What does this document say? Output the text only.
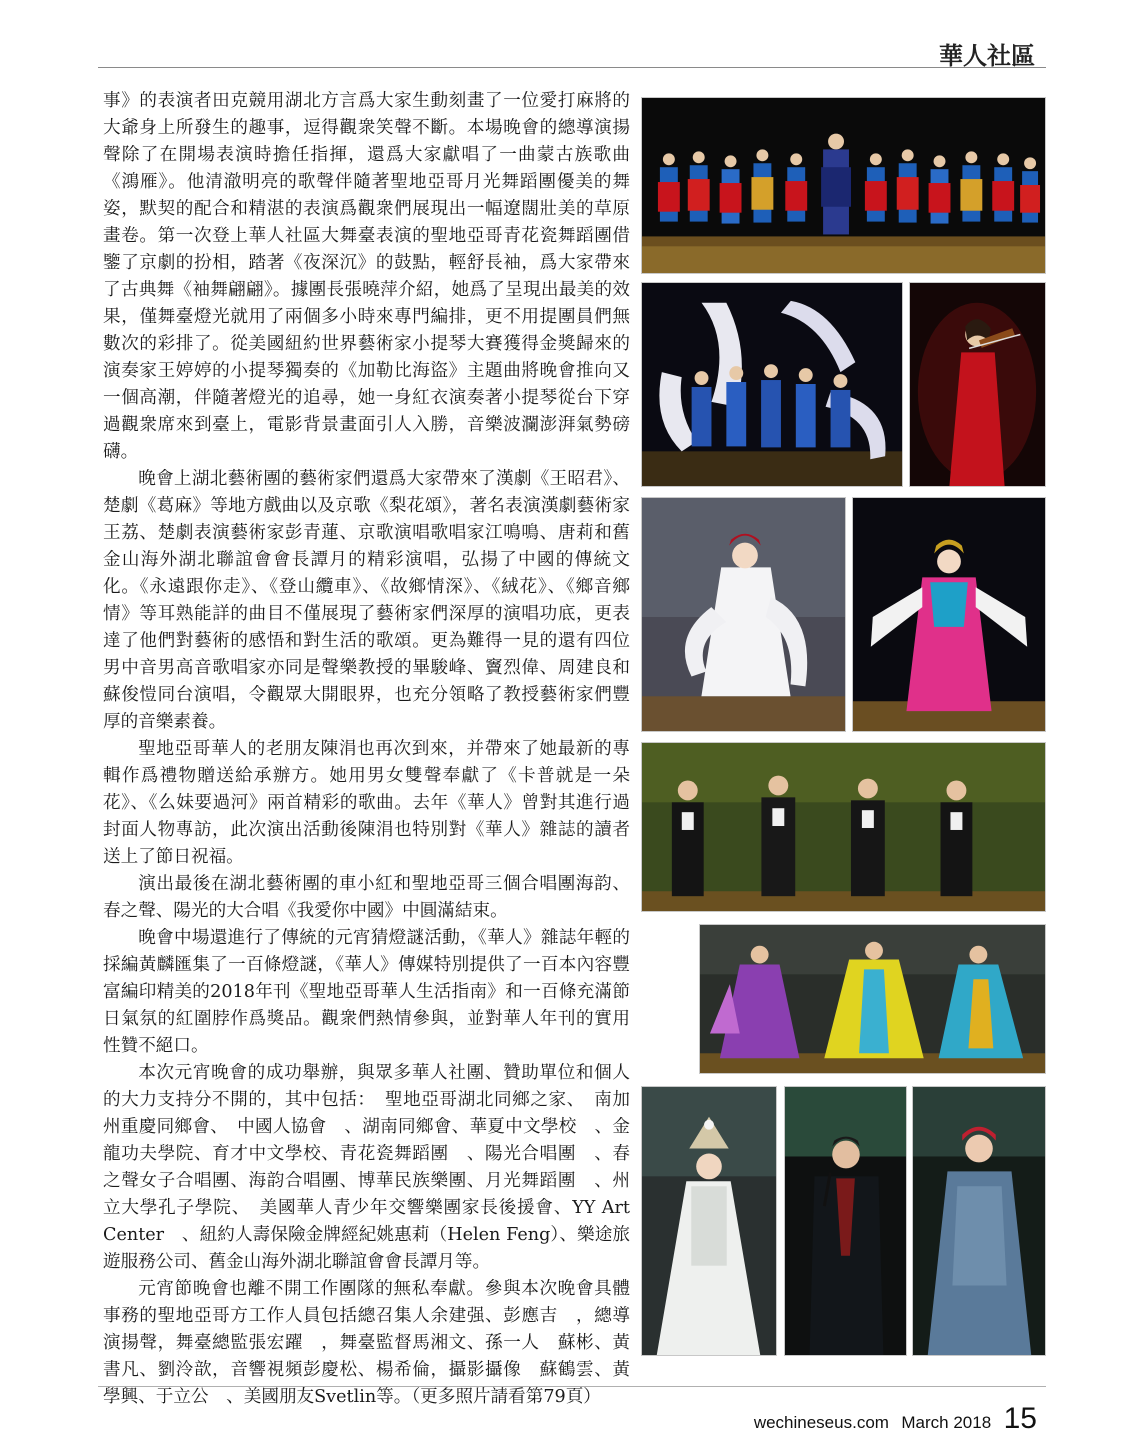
華人社區

事》的表演者田克競用湖北方言爲大家生動刻畫了一位愛打麻將的大爺身上所發生的趣事，逗得觀衆笑聲不斷。本場晚會的總導演揚聲除了在開場表演時擔任指揮，還爲大家獻唱了一曲蒙古族歌曲《鴻雁》。他清澈明亮的歌聲伴隨著聖地亞哥月光舞蹈團優美的舞姿，默契的配合和精湛的表演爲觀衆們展現出一幅遼闊壯美的草原畫卷。第一次登上華人社區大舞臺表演的聖地亞哥青花瓷舞蹈團借鑒了京劇的扮相，踏著《夜深沉》的鼓點，輕舒長袖，爲大家帶來了古典舞《袖舞翩翩》。據團長張曉萍介紹，她爲了呈現出最美的效果，僅舞臺燈光就用了兩個多小時來專門編排，更不用提團員們無數次的彩排了。從美國紐約世界藝術家小提琴大賽獲得金獎歸來的演奏家王婷婷的小提琴獨奏的《加勒比海盜》主題曲將晚會推向又一個高潮，伴隨著燈光的追尋，她一身紅衣演奏著小提琴從台下穿過觀衆席來到臺上，電影背景畫面引人入勝，音樂波瀾澎湃氣勢磅礴。

晚會上湖北藝術團的藝術家們還爲大家帶來了漢劇《王昭君》、楚劇《葛麻》等地方戲曲以及京歌《梨花頌》，著名表演漢劇藝術家王荔、楚劇表演藝術家彭青蓮、京歌演唱歌唱家江鳴鳴、唐莉和舊金山海外湖北聯誼會會長譚月的精彩演唱，弘揚了中國的傳統文化。《永遠跟你走》、《登山纜車》、《故鄉情深》、《絨花》、《鄉音鄉情》等耳熟能詳的曲目不僅展現了藝術家們深厚的演唱功底，更表達了他們對藝術的感悟和對生活的歌頌。更為難得一見的還有四位男中音男高音歌唱家亦同是聲樂教授的畢駿峰、竇烈偉、周建良和蘇俊愷同台演唱，令觀眾大開眼界，也充分領略了教授藝術家們豐厚的音樂素養。

聖地亞哥華人的老朋友陳涓也再次到來，并帶來了她最新的專輯作爲禮物贈送給承辦方。她用男女雙聲奉獻了《卡普就是一朵花》、《么妹要過河》兩首精彩的歌曲。去年《華人》曾對其進行過封面人物專訪，此次演出活動後陳涓也特別對《華人》雜誌的讀者送上了節日祝福。

演出最後在湖北藝術團的車小紅和聖地亞哥三個合唱團海韵、春之聲、陽光的大合唱《我愛你中國》中圓滿結束。

晚會中場還進行了傳統的元宵猜燈謎活動，《華人》雜誌年輕的採編黃麟匯集了一百條燈謎，《華人》傳媒特別提供了一百本內容豐富編印精美的2018年刊《聖地亞哥華人生活指南》和一百條充滿節日氣氛的紅圍脖作爲獎品。觀衆們熱情參與，並對華人年刊的實用性贊不絕口。

本次元宵晚會的成功舉辦，與眾多華人社團、贊助單位和個人的大力支持分不開的，其中包括：　聖地亞哥湖北同鄉之家、　南加州重慶同鄉會、　中國人協會　、湖南同鄉會、華夏中文學校　、金龍功夫學院、育才中文學校、青花瓷舞蹈團　、陽光合唱團　、春之聲女子合唱團、海韵合唱團、博華民族樂團、月光舞蹈團　、州立大學孔子學院、　美國華人青少年交響樂團家長後援會、YY Art Center　、紐約人壽保險金牌經紀姚惠莉（Helen Feng）、樂途旅遊服務公司、舊金山海外湖北聯誼會會長譚月等。

元宵節晚會也離不開工作團隊的無私奉獻。參與本次晚會具體事務的聖地亞哥方工作人員包括總召集人余建强、彭應吉　，總導演揚聲，舞臺總監張宏躍　，舞臺監督馬湘文、孫一人　蘇彬、黃書凡、劉泠歆，音響視頻彭慶松、楊希倫，攝影攝像　蘇鶴雲、黃學興、于立公　、美國朋友Svetlin等。（更多照片請看第79頁）

wechineseus.com March 2018 15
